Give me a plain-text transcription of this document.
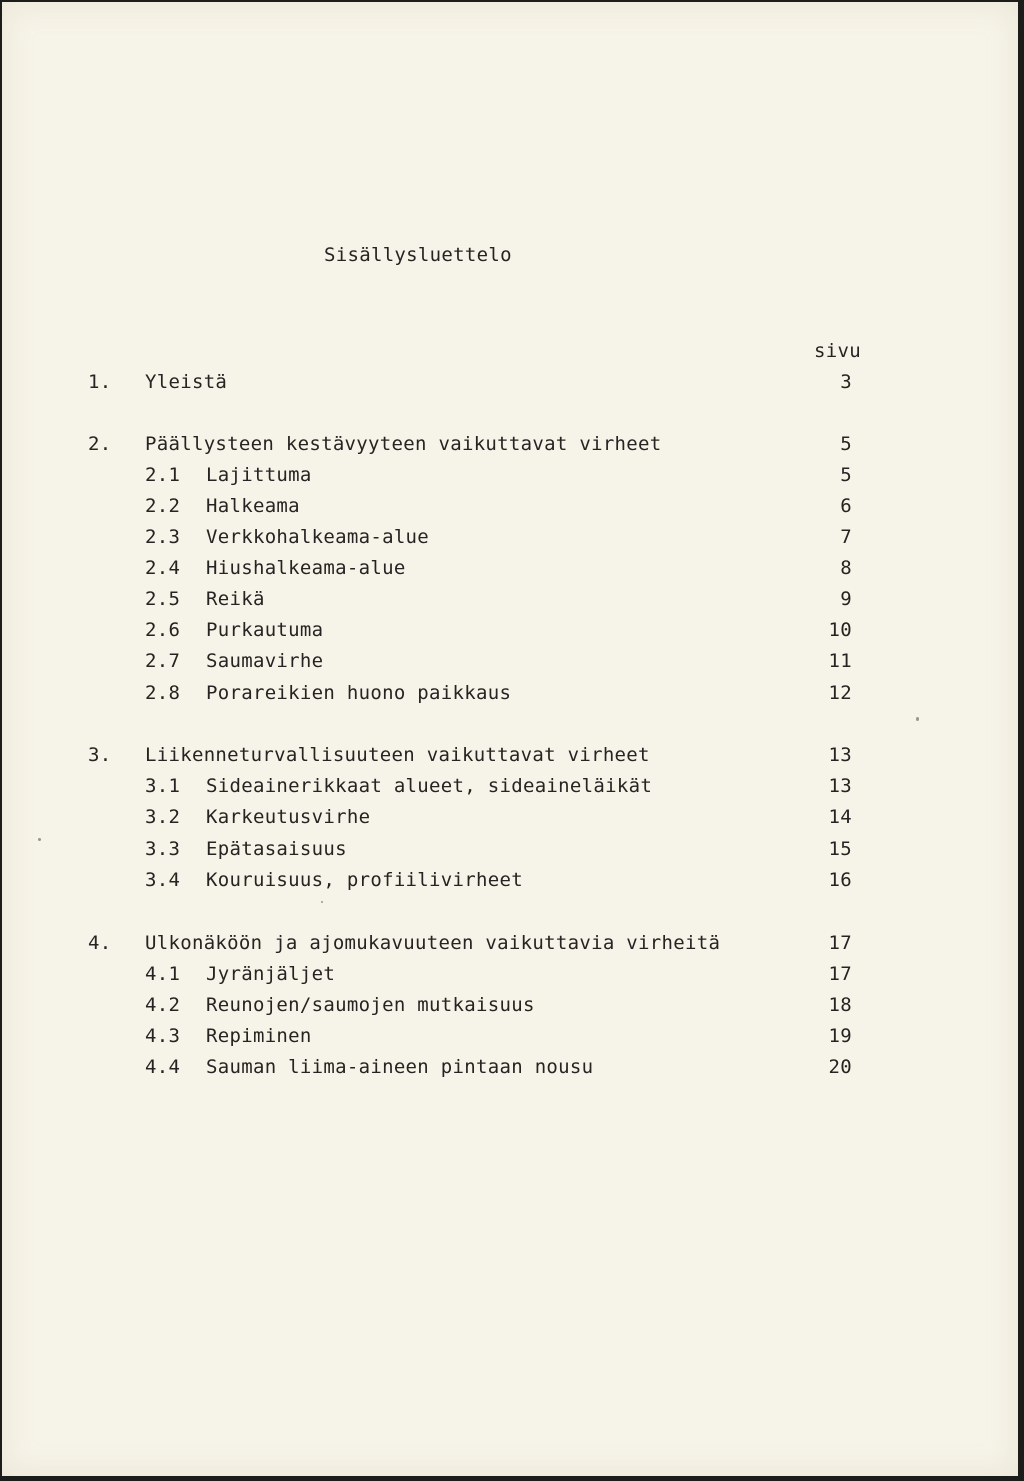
Sisällysluettelo
sivu
1. Yleistä	3
2. Päällysteen kestävyyteen vaikuttavat virheet	5
2.1 Lajittuma	5
2.2 Halkeama	6
2.3 Verkkohalkeama-alue	7
2.4 Hiushalkeama-alue	8
2.5 Reikä	9
2.6 Purkautuma	10
2.7 Saumavirhe	11
2.8 Porareikien huono paikkaus	12
3. Liikenneturvallisuuteen vaikuttavat virheet	13
3.1 Sideainerikkaat alueet, sideaineläikät	13
3.2 Karkeutusvirhe	14
3.3 Epätasaisuus	15
3.4 Kouruisuus, profiilivirheet	16
4. Ulkonäköön ja ajomukavuuteen vaikuttavia virheitä	17
4.1 Jyränjäljet	17
4.2 Reunojen/saumojen mutkaisuus	18
4.3 Repiminen	19
4.4 Sauman liima-aineen pintaan nousu	20
